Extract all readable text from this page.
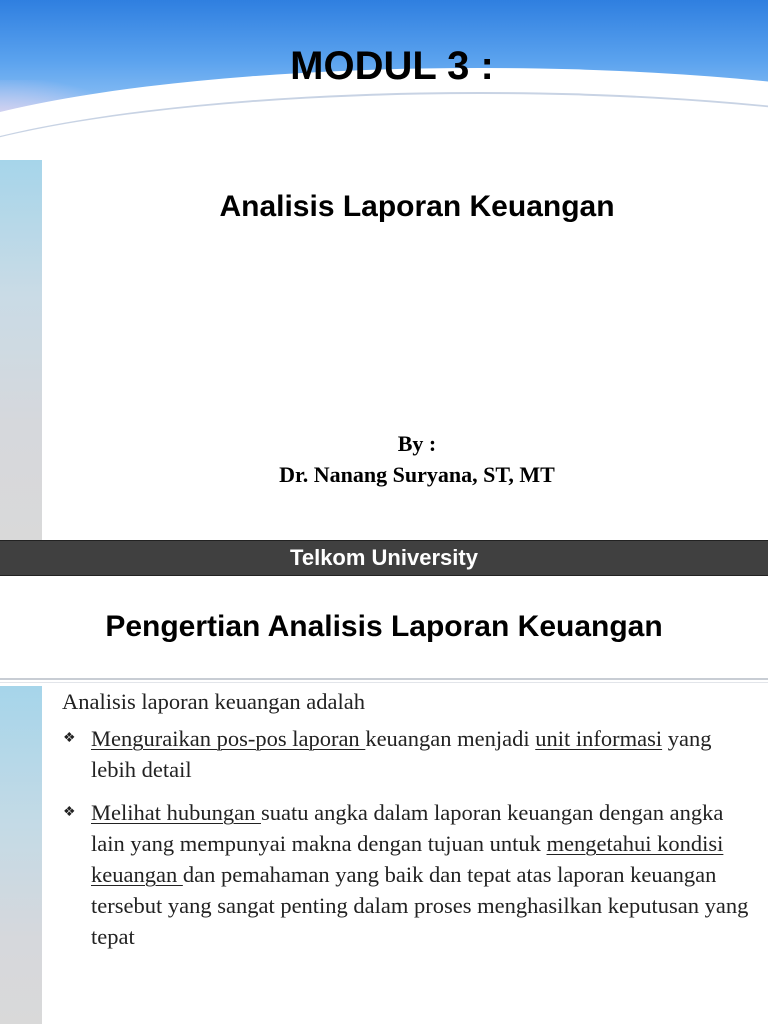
MODUL 3 :
Analisis Laporan Keuangan
By :
Dr. Nanang Suryana, ST, MT
Telkom University
Pengertian Analisis Laporan Keuangan

Analisis laporan keuangan adalah

❖ Menguraikan pos-pos laporan keuangan menjadi unit informasi yang lebih detail
❖ Melihat hubungan suatu angka dalam laporan keuangan dengan angka lain yang mempunyai makna dengan tujuan untuk mengetahui kondisi keuangan dan pemahaman yang baik dan tepat atas laporan keuangan tersebut yang sangat penting dalam proses menghasilkan keputusan yang tepat
